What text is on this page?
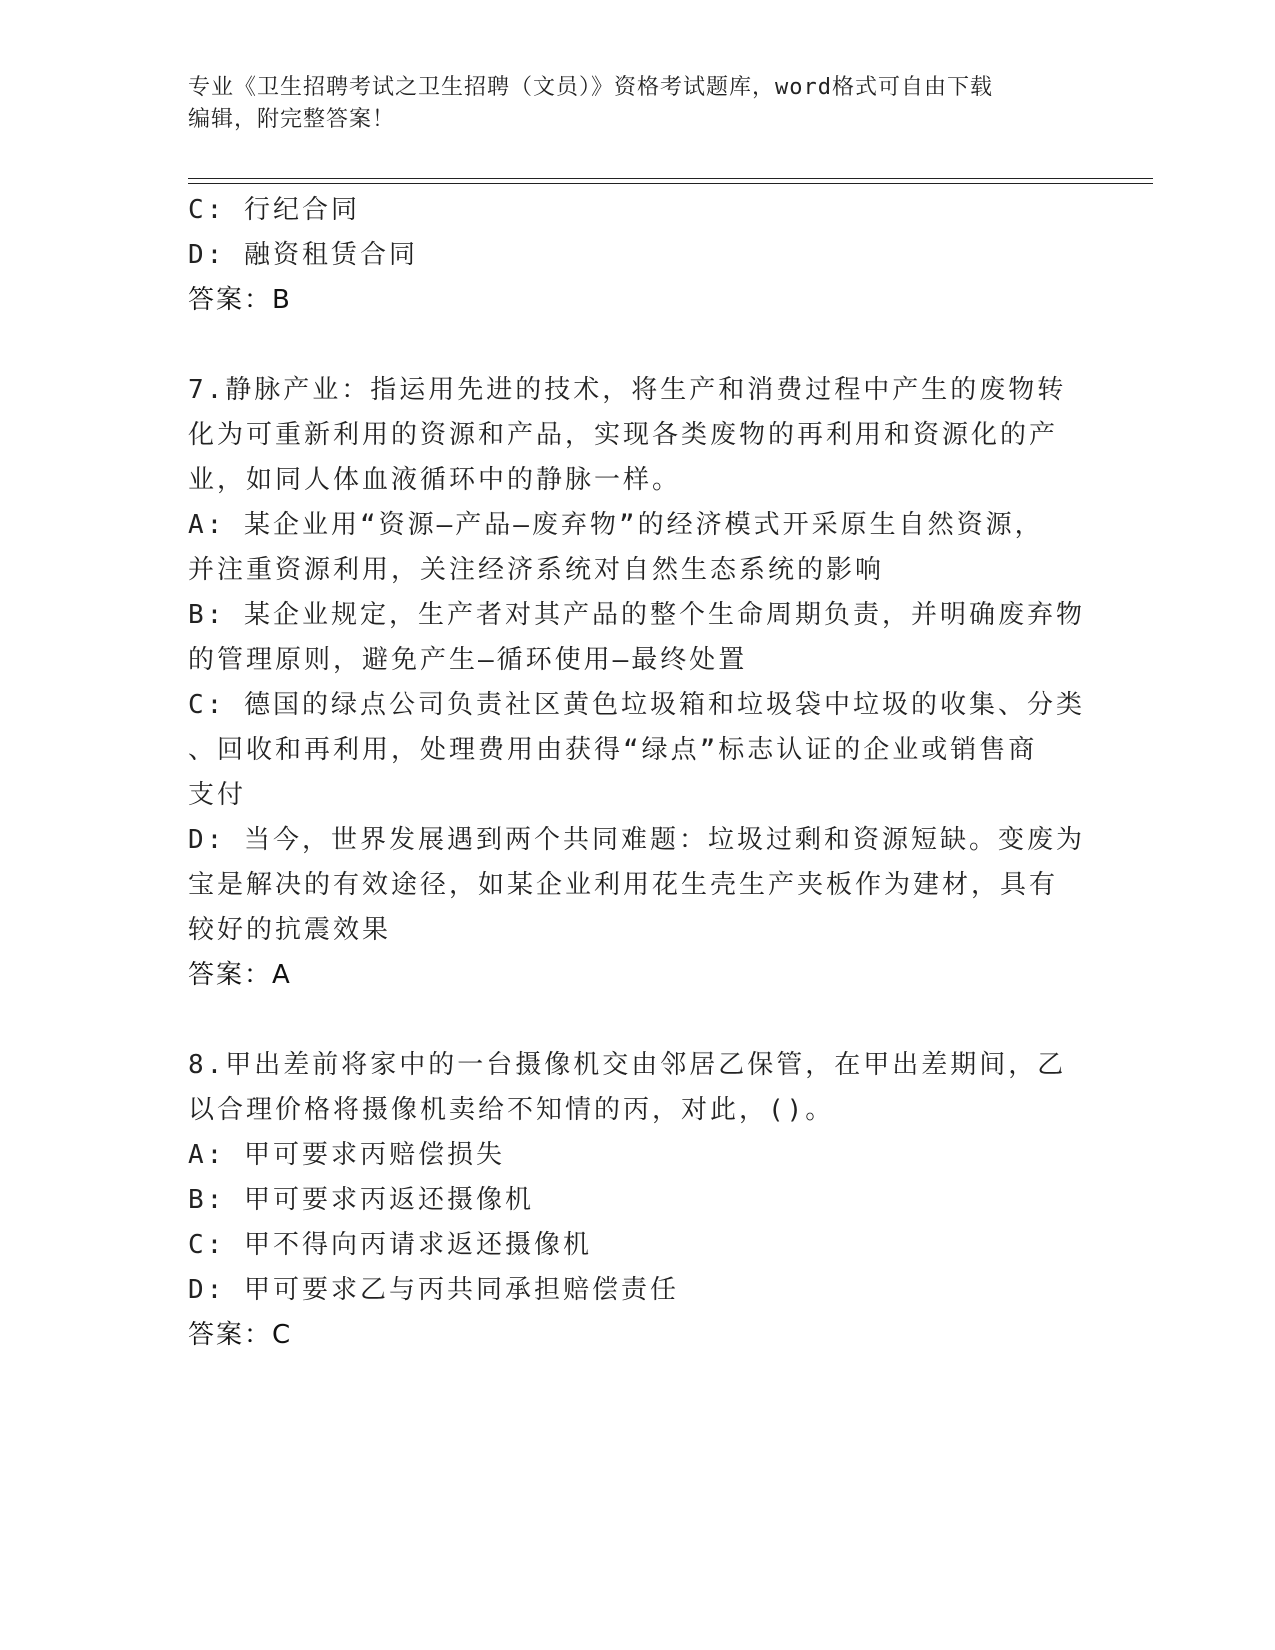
专业《卫生招聘考试之卫生招聘（文员）》资格考试题库，word格式可自由下载
编辑，附完整答案！
C: 行纪合同
D: 融资租赁合同
答案：B
7.静脉产业：指运用先进的技术，将生产和消费过程中产生的废物转
化为可重新利用的资源和产品，实现各类废物的再利用和资源化的产
业，如同人体血液循环中的静脉一样。
A: 某企业用“资源—产品—废弃物”的经济模式开采原生自然资源，
并注重资源利用，关注经济系统对自然生态系统的影响
B: 某企业规定，生产者对其产品的整个生命周期负责，并明确废弃物
的管理原则，避免产生—循环使用—最终处置
C: 德国的绿点公司负责社区黄色垃圾箱和垃圾袋中垃圾的收集、分类
、回收和再利用，处理费用由获得“绿点”标志认证的企业或销售商
支付
D: 当今，世界发展遇到两个共同难题：垃圾过剩和资源短缺。变废为
宝是解决的有效途径，如某企业利用花生壳生产夹板作为建材，具有
较好的抗震效果
答案：A
8.甲出差前将家中的一台摄像机交由邻居乙保管，在甲出差期间，乙
以合理价格将摄像机卖给不知情的丙，对此，()。
A: 甲可要求丙赔偿损失
B: 甲可要求丙返还摄像机
C: 甲不得向丙请求返还摄像机
D: 甲可要求乙与丙共同承担赔偿责任
答案：C
